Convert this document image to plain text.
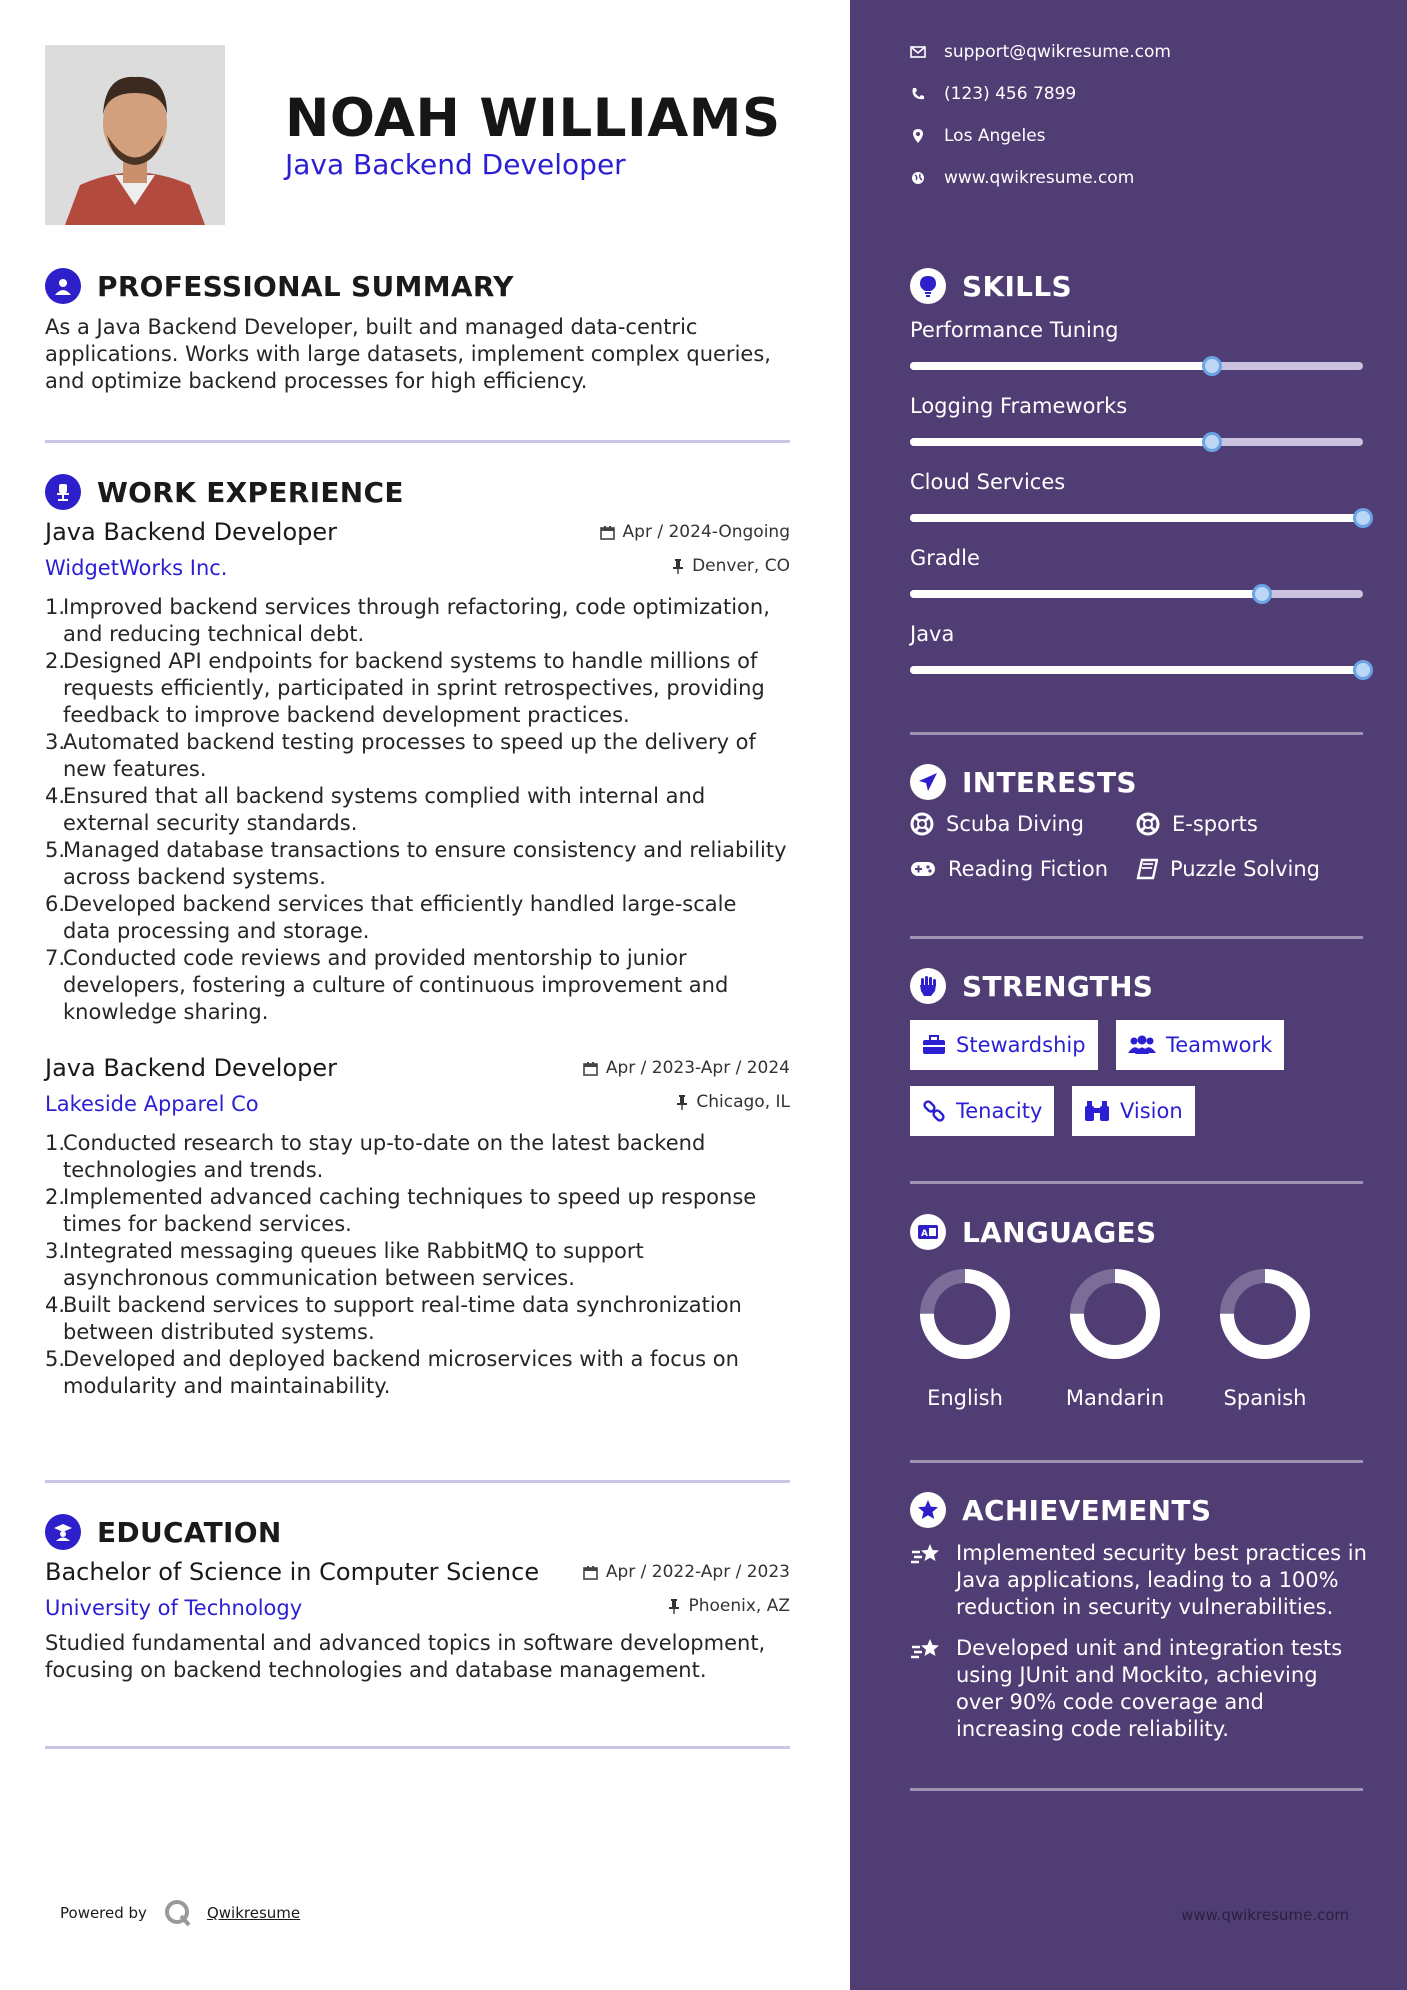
NOAH WILLIAMS
Java Backend Developer
PROFESSIONAL SUMMARY
As a Java Backend Developer, built and managed data-centric applications. Works with large datasets, implement complex queries, and optimize backend processes for high efficiency.
WORK EXPERIENCE
Java Backend Developer
WidgetWorks Inc.
Apr / 2024-Ongoing
Denver, CO
1.
Improved backend services through refactoring, code optimization, and reducing technical debt.
2.
Designed API endpoints for backend systems to handle millions of requests efficiently, participated in sprint retrospectives, providing feedback to improve backend development practices.
3.
Automated backend testing processes to speed up the delivery of new features.
4.
Ensured that all backend systems complied with internal and external security standards.
5.
Managed database transactions to ensure consistency and reliability across backend systems.
6.
Developed backend services that efficiently handled large-scale data processing and storage.
7.
Conducted code reviews and provided mentorship to junior developers, fostering a culture of continuous improvement and knowledge sharing.
Java Backend Developer
Lakeside Apparel Co
Apr / 2023-Apr / 2024
Chicago, IL
1.
Conducted research to stay up-to-date on the latest backend technologies and trends.
2.
Implemented advanced caching techniques to speed up response times for backend services.
3.
Integrated messaging queues like RabbitMQ to support asynchronous communication between services.
4.
Built backend services to support real-time data synchronization between distributed systems.
5.
Developed and deployed backend microservices with a focus on modularity and maintainability.
EDUCATION
Bachelor of Science in Computer Science
University of Technology
Apr / 2022-Apr / 2023
Phoenix, AZ
Studied fundamental and advanced topics in software development, focusing on backend technologies and database management.
Powered by	Qwikresume
support@qwikresume.com
(123) 456 7899
Los Angeles
www.qwikresume.com
SKILLS
Performance Tuning
Logging Frameworks
Cloud Services
Gradle
Java
INTERESTS
Scuba Diving	E-sports
Reading Fiction	Puzzle Solving
STRENGTHS
Stewardship	Teamwork
Tenacity	Vision
A LANGUAGES
English	Mandarin	Spanish
ACHIEVEMENTS
Implemented security best practices in Java applications, leading to a 100% reduction in security vulnerabilities.
Developed unit and integration tests using JUnit and Mockito, achieving over 90% code coverage and increasing code reliability.
www.qwikresume.com
